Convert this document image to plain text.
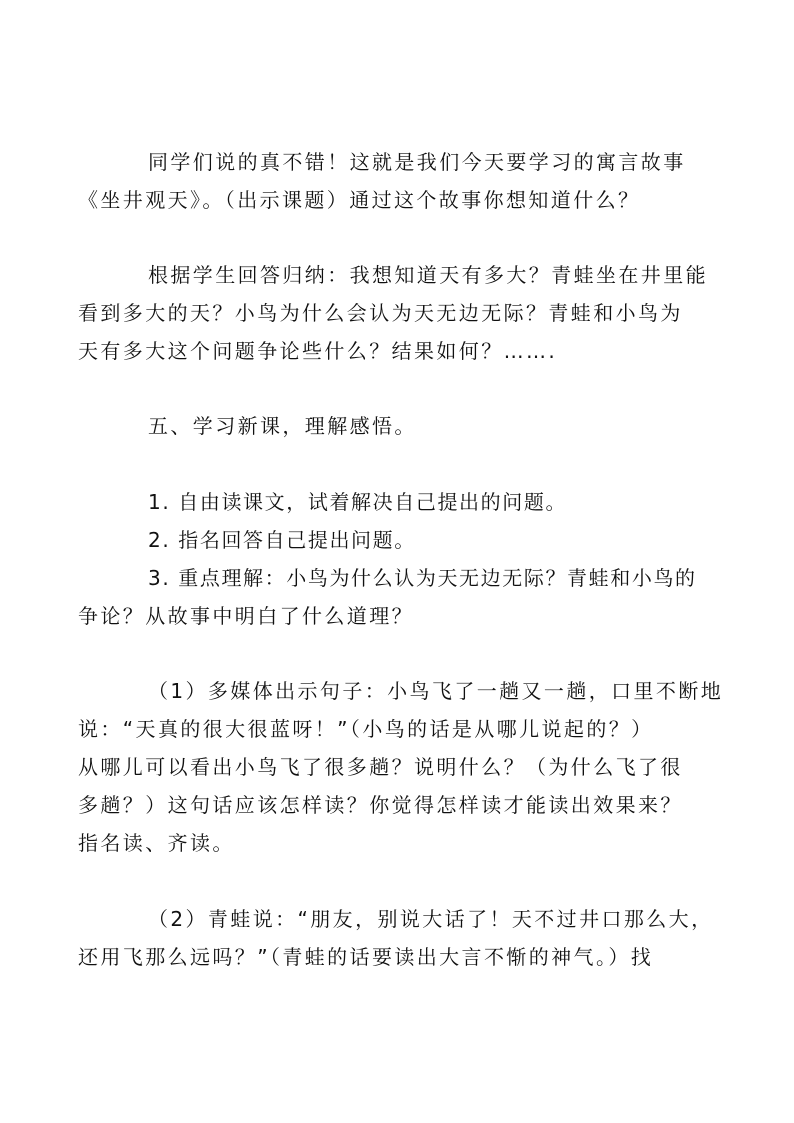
同学们说的真不错！这就是我们今天要学习的寓言故事
《坐井观天》。（出示课题）通过这个故事你想知道什么？
根据学生回答归纳：我想知道天有多大？青蛙坐在井里能
看到多大的天？小鸟为什么会认为天无边无际？青蛙和小鸟为
天有多大这个问题争论些什么？结果如何？…….
五、学习新课，理解感悟。
1. 自由读课文，试着解决自己提出的问题。
2. 指名回答自己提出问题。
3. 重点理解：小鸟为什么认为天无边无际？青蛙和小鸟的
争论？从故事中明白了什么道理？
（1）多媒体出示句子：小鸟飞了一趟又一趟，口里不断地
说：“天真的很大很蓝呀！”（小鸟的话是从哪儿说起的？）
从哪儿可以看出小鸟飞了很多趟？说明什么？（为什么飞了很
多趟？）这句话应该怎样读？你觉得怎样读才能读出效果来？
指名读、齐读。
（2）青蛙说：“朋友，别说大话了！天不过井口那么大，
还用飞那么远吗？”（青蛙的话要读出大言不惭的神气。）找
